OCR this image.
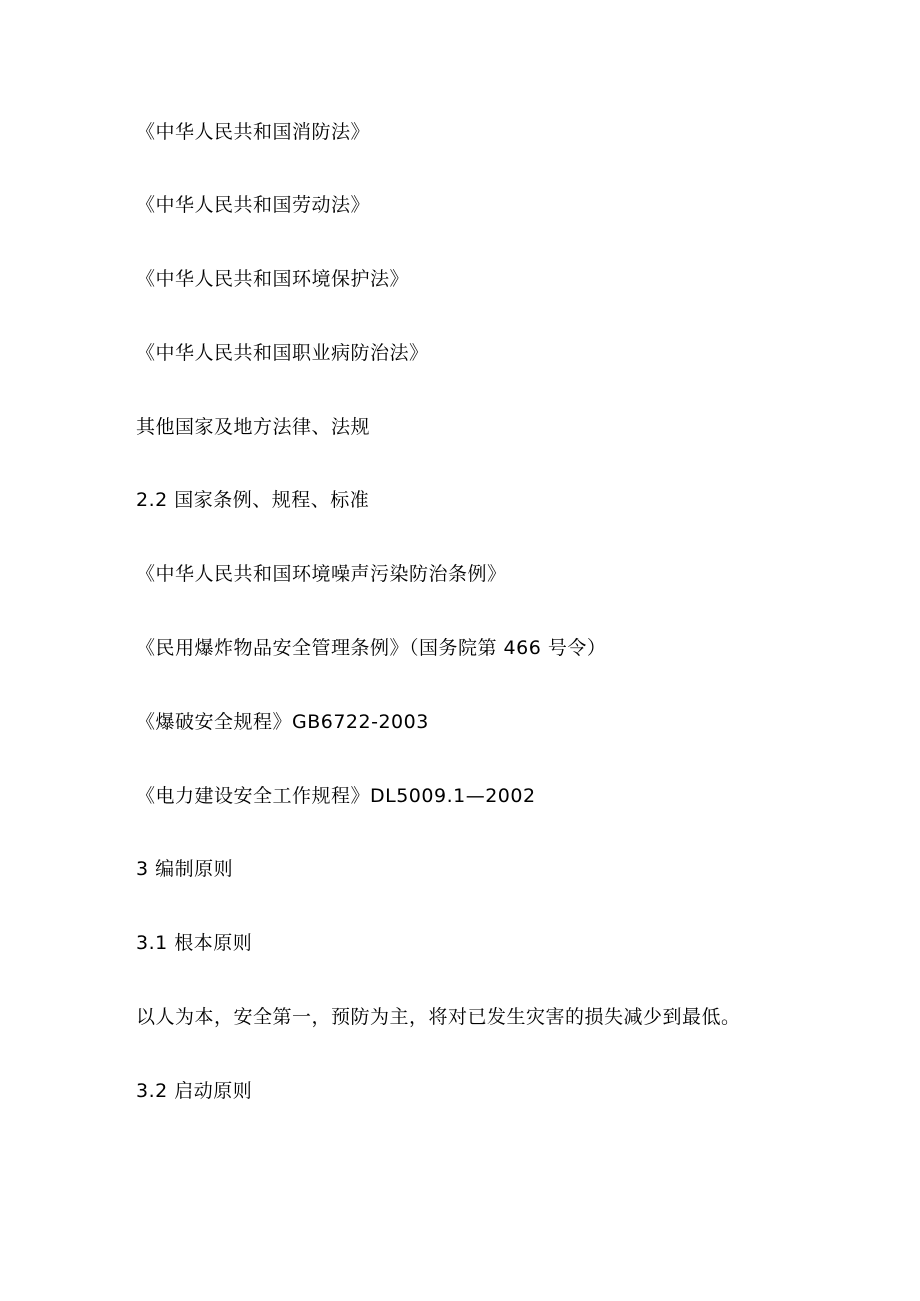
《中华人民共和国消防法》
《中华人民共和国劳动法》
《中华人民共和国环境保护法》
《中华人民共和国职业病防治法》
其他国家及地方法律、法规
2.2 国家条例、规程、标准
《中华人民共和国环境噪声污染防治条例》
《民用爆炸物品安全管理条例》（国务院第 466 号令）
《爆破安全规程》GB6722-2003
《电力建设安全工作规程》DL5009.1—2002
3 编制原则
3.1 根本原则
以人为本，安全第一，预防为主，将对已发生灾害的损失减少到最低。
3.2 启动原则
